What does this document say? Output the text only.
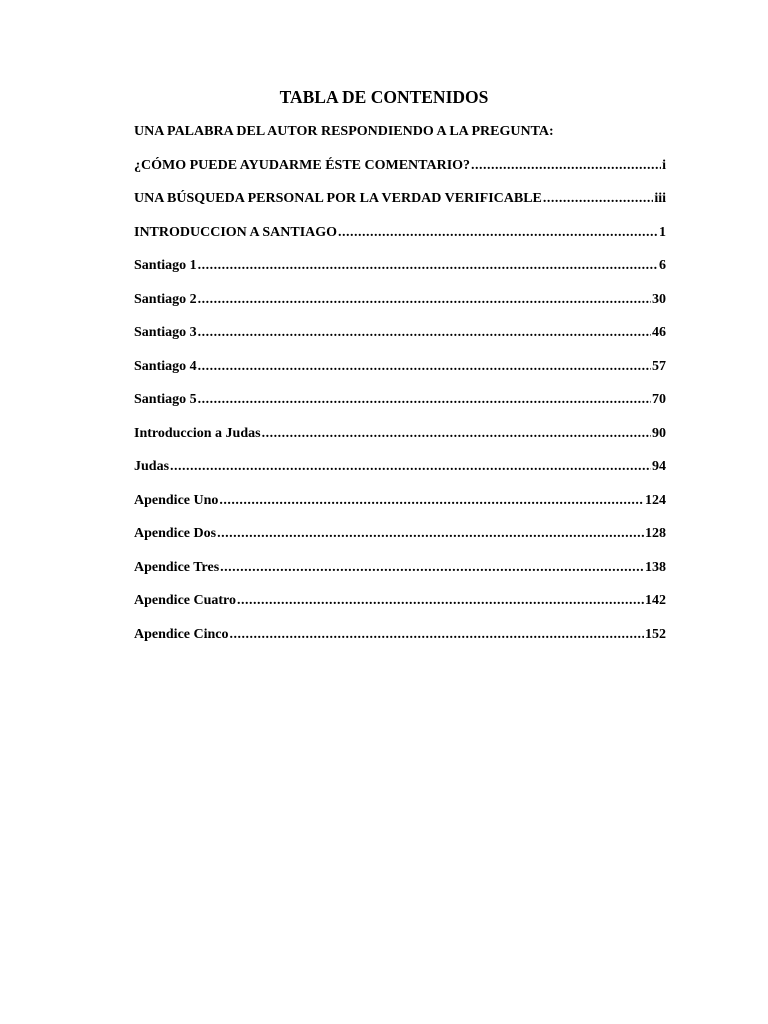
TABLA DE CONTENIDOS
UNA PALABRA DEL AUTOR RESPONDIENDO A LA PREGUNTA:
¿CÓMO PUEDE AYUDARME ÉSTE COMENTARIO? .....	i
UNA BÚSQUEDA PERSONAL POR LA VERDAD VERIFICABLE .....	iii
INTRODUCCION A SANTIAGO .....	1
Santiago 1 .....	6
Santiago 2 .....	30
Santiago 3 .....	46
Santiago 4 .....	57
Santiago 5 .....	70
Introduccion a Judas .....	90
Judas .....	94
Apendice Uno .....	124
Apendice Dos .....	128
Apendice Tres .....	138
Apendice Cuatro .....	142
Apendice Cinco .....	152
